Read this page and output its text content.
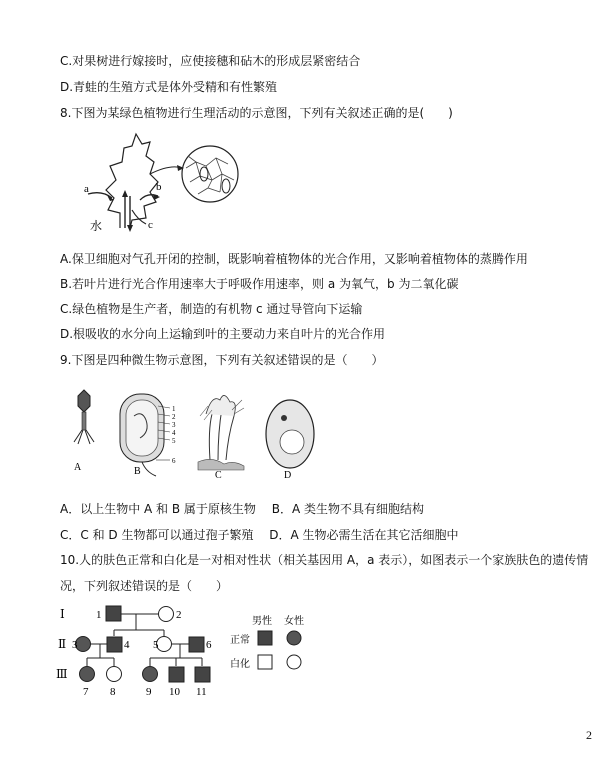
C.对果树进行嫁接时，应使接穗和砧木的形成层紧密结合
D.青蛙的生殖方式是体外受精和有性繁殖
8.下图为某绿色植物进行生理活动的示意图，下列有关叙述正确的是(　　)
a	b
c
水
A.保卫细胞对气孔开闭的控制，既影响着植物体的光合作用，又影响着植物体的蒸腾作用
B.若叶片进行光合作用速率大于呼吸作用速率，则 a 为氧气，b 为二氧化碳
C.绿色植物是生产者，制造的有机物 c 通过导管向下运输
D.根吸收的水分向上运输到叶的主要动力来自叶片的光合作用
9.下图是四种微生物示意图，下列有关叙述错误的是（　　）
A
1
2
3
4
5
6
B	C	D
A．以上生物中 A 和 B 属于原核生物　 B．A 类生物不具有细胞结构
C．C 和 D 生物都可以通过孢子繁殖　 D．A 生物必需生活在其它活细胞中
10.人的肤色正常和白化是一对相对性状（相关基因用 A，a 表示），如图表示一个家族肤色的遗传情
况，下列叙述错误的是（　　）
Ⅰ
Ⅱ
Ⅲ
1	2
3	4 5	6
7 8	9 10 11
男性 女性
正常
白化
2
